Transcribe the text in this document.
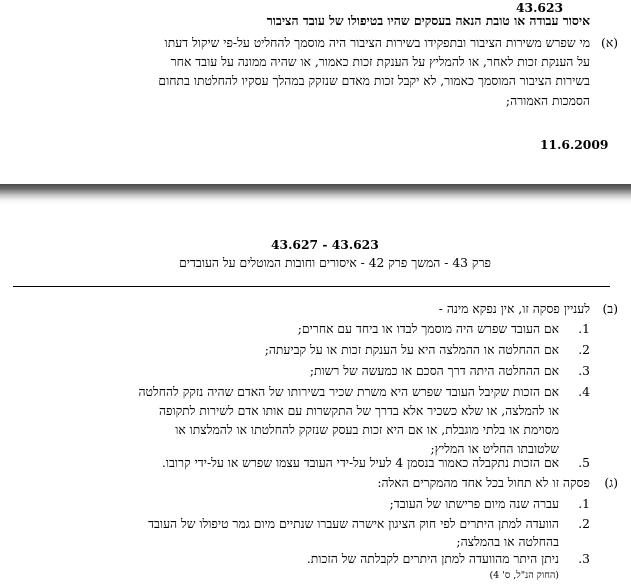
43.623
איסור עבודה או טובת הנאה בעסקים שהיו בטיפולו של עובד הציבור
(א)
מי שפרש משירות הציבור ובתפקידו בשירות הציבור היה מוסמך להחליט על-פי שיקול דעתו
על הענקת זכות לאחר, או להמליץ על הענקת זכות כאמור, או שהיה ממונה על עובד אחר
בשירות הציבור המוסמך כאמור, לא יקבל זכות מאדם שנזקק במהלך עסקיו להחלטתו בתחום
הסמכות האמורה;
11.6.2009
43.627 - 43.623
פרק 43 - המשך פרק 42 - איסורים וחובות המוטלים על העובדים
(ב)
לעניין פסקה זו, אין נפקא מינה -
.1
אם העובד שפרש היה מוסמך לבדו או ביחד עם אחרים;
.2
אם ההחלטה או ההמלצה היא על הענקת זכות או על קביעתה;
.3
אם ההחלטה היתה דרך הסכם או כמעשה של רשות;
.4
אם הזכות שקיבל העובד שפרש היא משרת שכיר בשירותו של האדם שהיה נזקק להחלטה
או להמלצה, או שלא כשכיר אלא בדרך של התקשרות עם אותו אדם לשירות לתקופה
מסוימת או בלתי מוגבלת, או אם היא זכות בעסק שנזקק להחלטתו או להמלצתו או
שלטובתו החליט או המליץ;
.5
אם הזכות נתקבלה כאמור בנסמן 4 לעיל על-ידי העובד עצמו שפרש או על-ידי קרובו.
(ג)
פסקה זו לא תחול בכל אחד מהמקרים האלה:
.1
עברה שנה מיום פרישתו של העובד;
.2
הוועדה למתן היתרים לפי חוק הציגון אישרה שעברו שנתיים מיום גמר טיפולו של העובד
בהחלטה או בהמלצה;
.3
ניתן היתר מהוועדה למתן היתרים לקבלתה של הזכות.
(החוק הנ"ל, ס' 4)
